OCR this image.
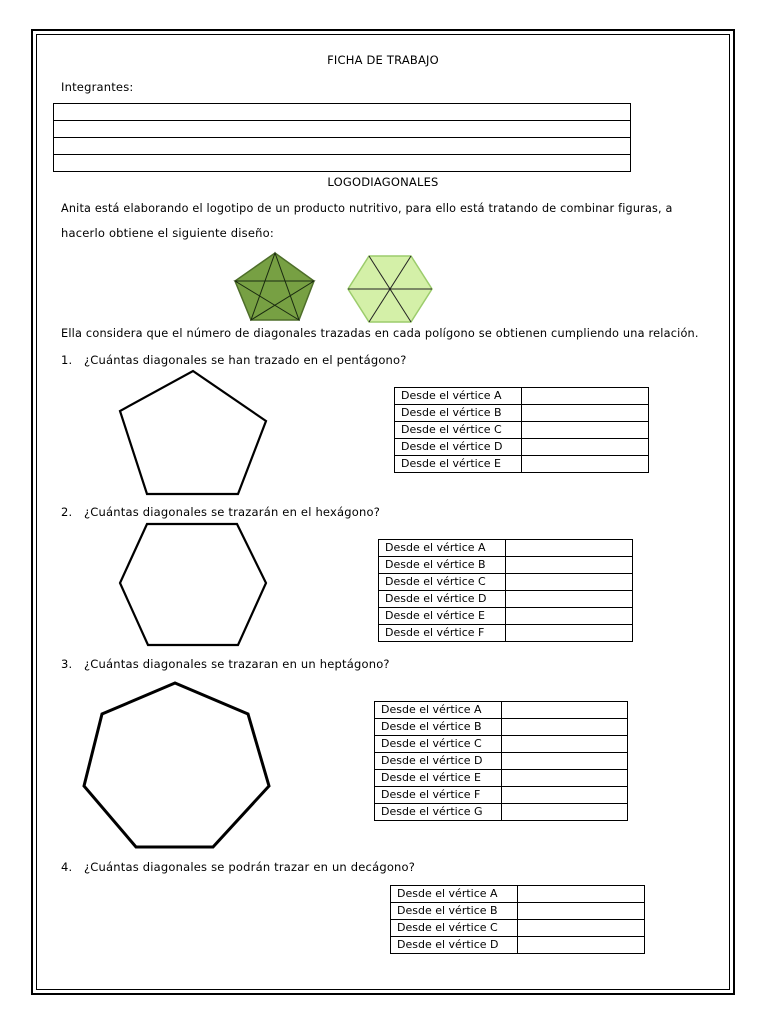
FICHA DE TRABAJO
Integrantes:

LOGODIAGONALES
Anita está elaborando el logotipo de un producto nutritivo, para ello está tratando de combinar figuras, a
hacerlo obtiene el siguiente diseño:
Ella considera que el número de diagonales trazadas en cada polígono se obtienen cumpliendo una relación.
1. ¿Cuántas diagonales se han trazado en el pentágono?
Desde el vértice A	
Desde el vértice B	
Desde el vértice C	
Desde el vértice D	
Desde el vértice E	
2. ¿Cuántas diagonales se trazarán en el hexágono?
Desde el vértice A	
Desde el vértice B	
Desde el vértice C	
Desde el vértice D	
Desde el vértice E	
Desde el vértice F	
3. ¿Cuántas diagonales se trazaran en un heptágono?
Desde el vértice A	
Desde el vértice B	
Desde el vértice C	
Desde el vértice D	
Desde el vértice E	
Desde el vértice F	
Desde el vértice G	
4. ¿Cuántas diagonales se podrán trazar en un decágono?
Desde el vértice A	
Desde el vértice B	
Desde el vértice C	
Desde el vértice D	
